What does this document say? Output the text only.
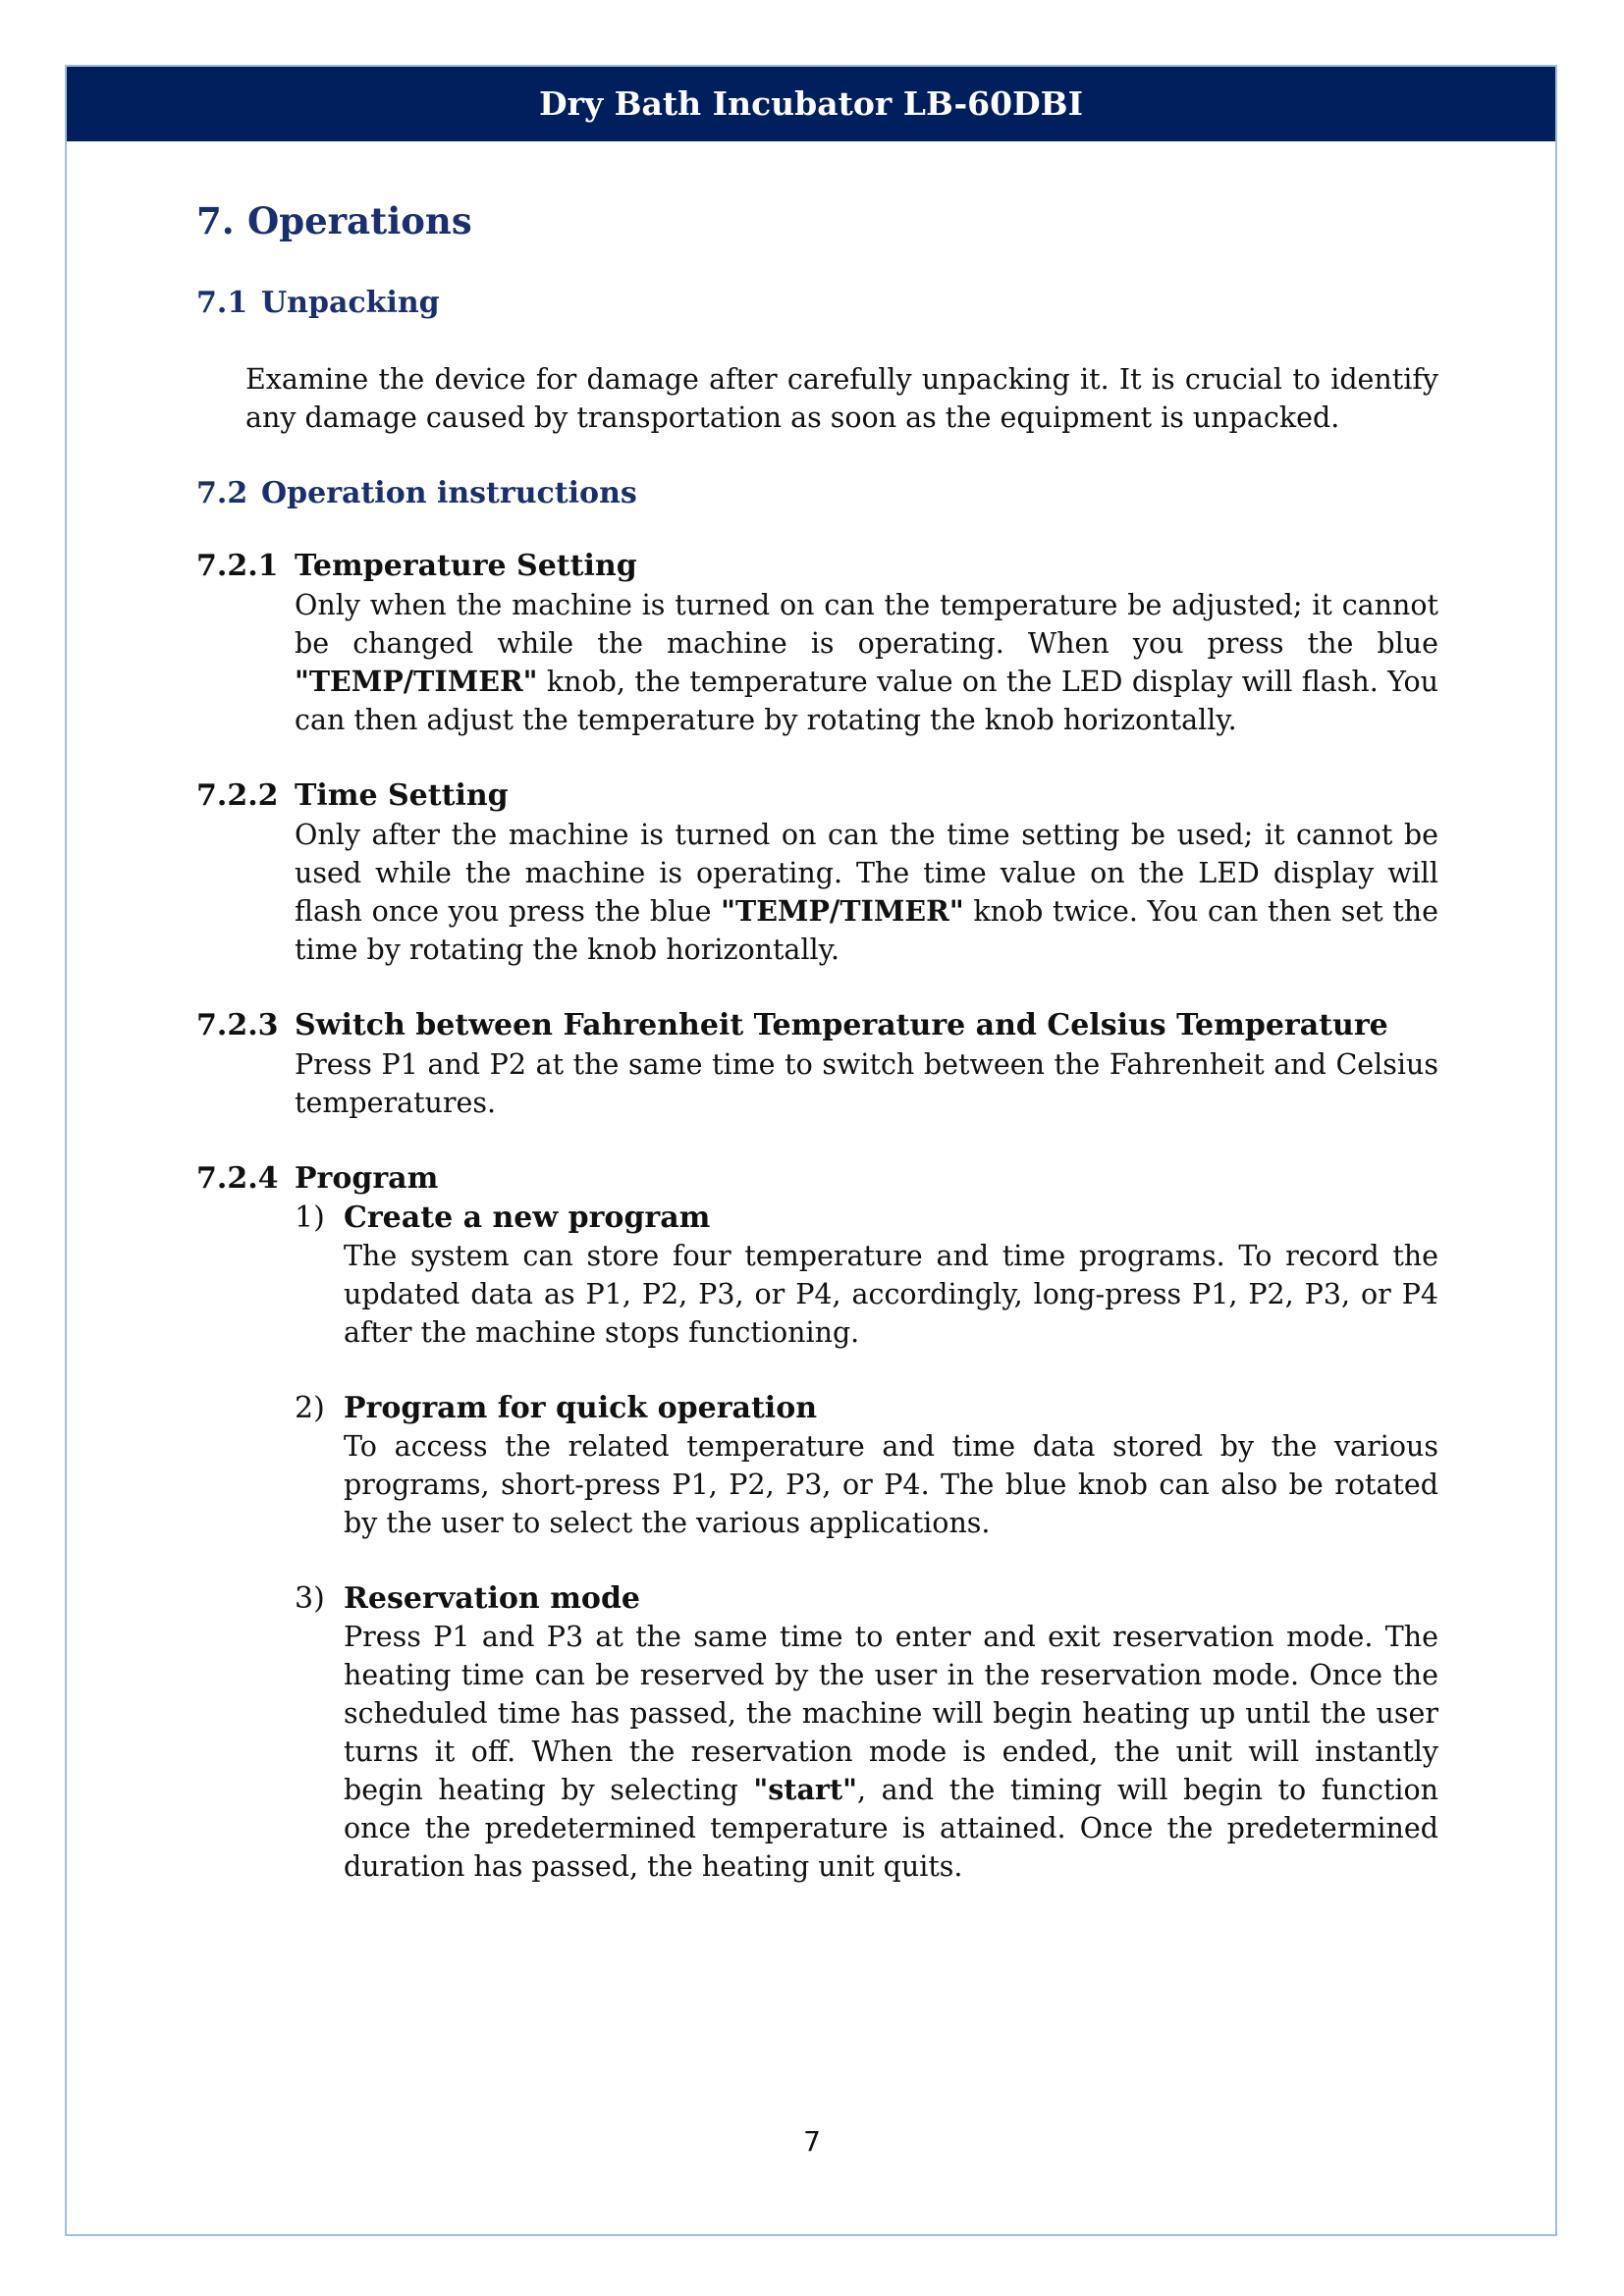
Dry Bath Incubator LB-60DBI
7. Operations
7.1 Unpacking

Examine the device for damage after carefully unpacking it. It is crucial to identify any damage caused by transportation as soon as the equipment is unpacked.

7.2 Operation instructions
7.2.1 Temperature Setting

Only when the machine is turned on can the temperature be adjusted; it cannot be changed while the machine is operating. When you press the blue "TEMP/TIMER" knob, the temperature value on the LED display will flash. You can then adjust the temperature by rotating the knob horizontally.

7.2.2 Time Setting

Only after the machine is turned on can the time setting be used; it cannot be used while the machine is operating. The time value on the LED display will flash once you press the blue "TEMP/TIMER" knob twice. You can then set the time by rotating the knob horizontally.

7.2.3 Switch between Fahrenheit Temperature and Celsius Temperature

Press P1 and P2 at the same time to switch between the Fahrenheit and Celsius temperatures.

7.2.4 Program
1) Create a new program

The system can store four temperature and time programs. To record the updated data as P1, P2, P3, or P4, accordingly, long-press P1, P2, P3, or P4 after the machine stops functioning.

2) Program for quick operation

To access the related temperature and time data stored by the various programs, short-press P1, P2, P3, or P4. The blue knob can also be rotated by the user to select the various applications.

3) Reservation mode

Press P1 and P3 at the same time to enter and exit reservation mode. The heating time can be reserved by the user in the reservation mode. Once the scheduled time has passed, the machine will begin heating up until the user turns it off. When the reservation mode is ended, the unit will instantly begin heating by selecting "start", and the timing will begin to function once the predetermined temperature is attained. Once the predetermined duration has passed, the heating unit quits.

7
